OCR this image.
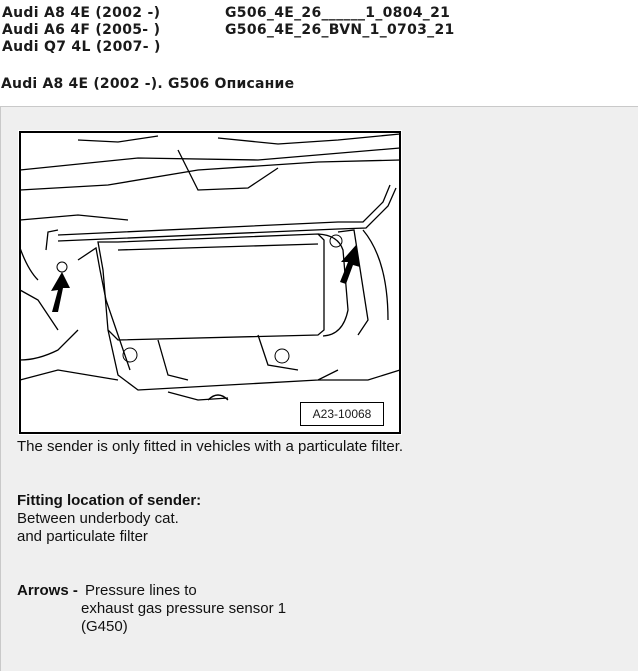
Audi A8 4E (2002 -)
Audi A6 4F (2005- )
Audi Q7 4L (2007- )
G506_4E_26______1_0804_21
G506_4E_26_BVN_1_0703_21
Audi A8 4E (2002 -). G506 Описание
A23-10068
The sender is only fitted in vehicles with a particulate filter.
Fitting location of sender:
Between underbody cat.
and particulate filter
Arrows - Pressure lines to
exhaust gas pressure sensor 1
(G450)
